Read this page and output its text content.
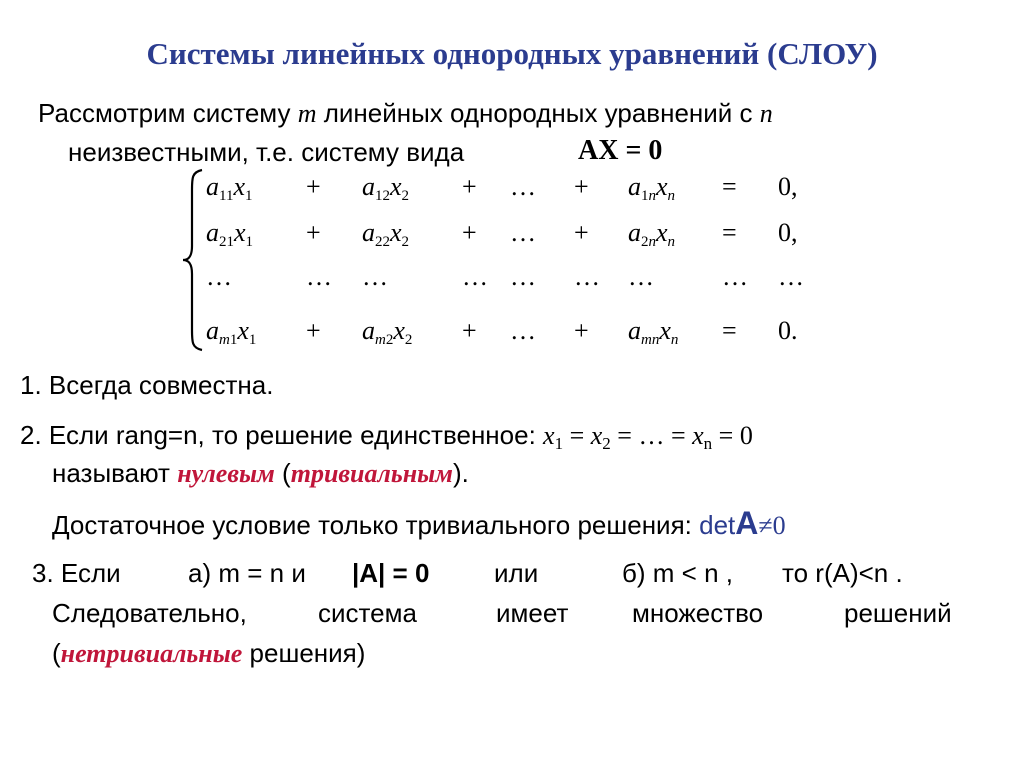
Системы линейных однородных уравнений (СЛОУ)
Рассмотрим систему m линейных однородных уравнений с n
неизвестными, т.е. систему вида	AX = 0
$a_{11}x_1 + a_{12}x_2$ + … + $a_{1n}x_n = 0$,
$a_{21}x_1 + a_{22}x_2$ + … + $a_{2n}x_n = 0$,
…	… …	… … … …	… …
$a_{m1}x_1 + a_{m2}x_2$ + … + $a_{mn}x_n = 0$.
1. Всегда совместна.
2. Если rang=n, то решение единственное: $x_1 = x_2$ = … = $x_n = 0$
называют нулевым (тривиальным).
Достаточное условие только тривиального решения: detA≠0
3. Если	а) m = n и |A| = 0 или	б) m < n , то r(A)<n .
Следовательно,	система	имеет множество	решений
(нетривиальные решения)
